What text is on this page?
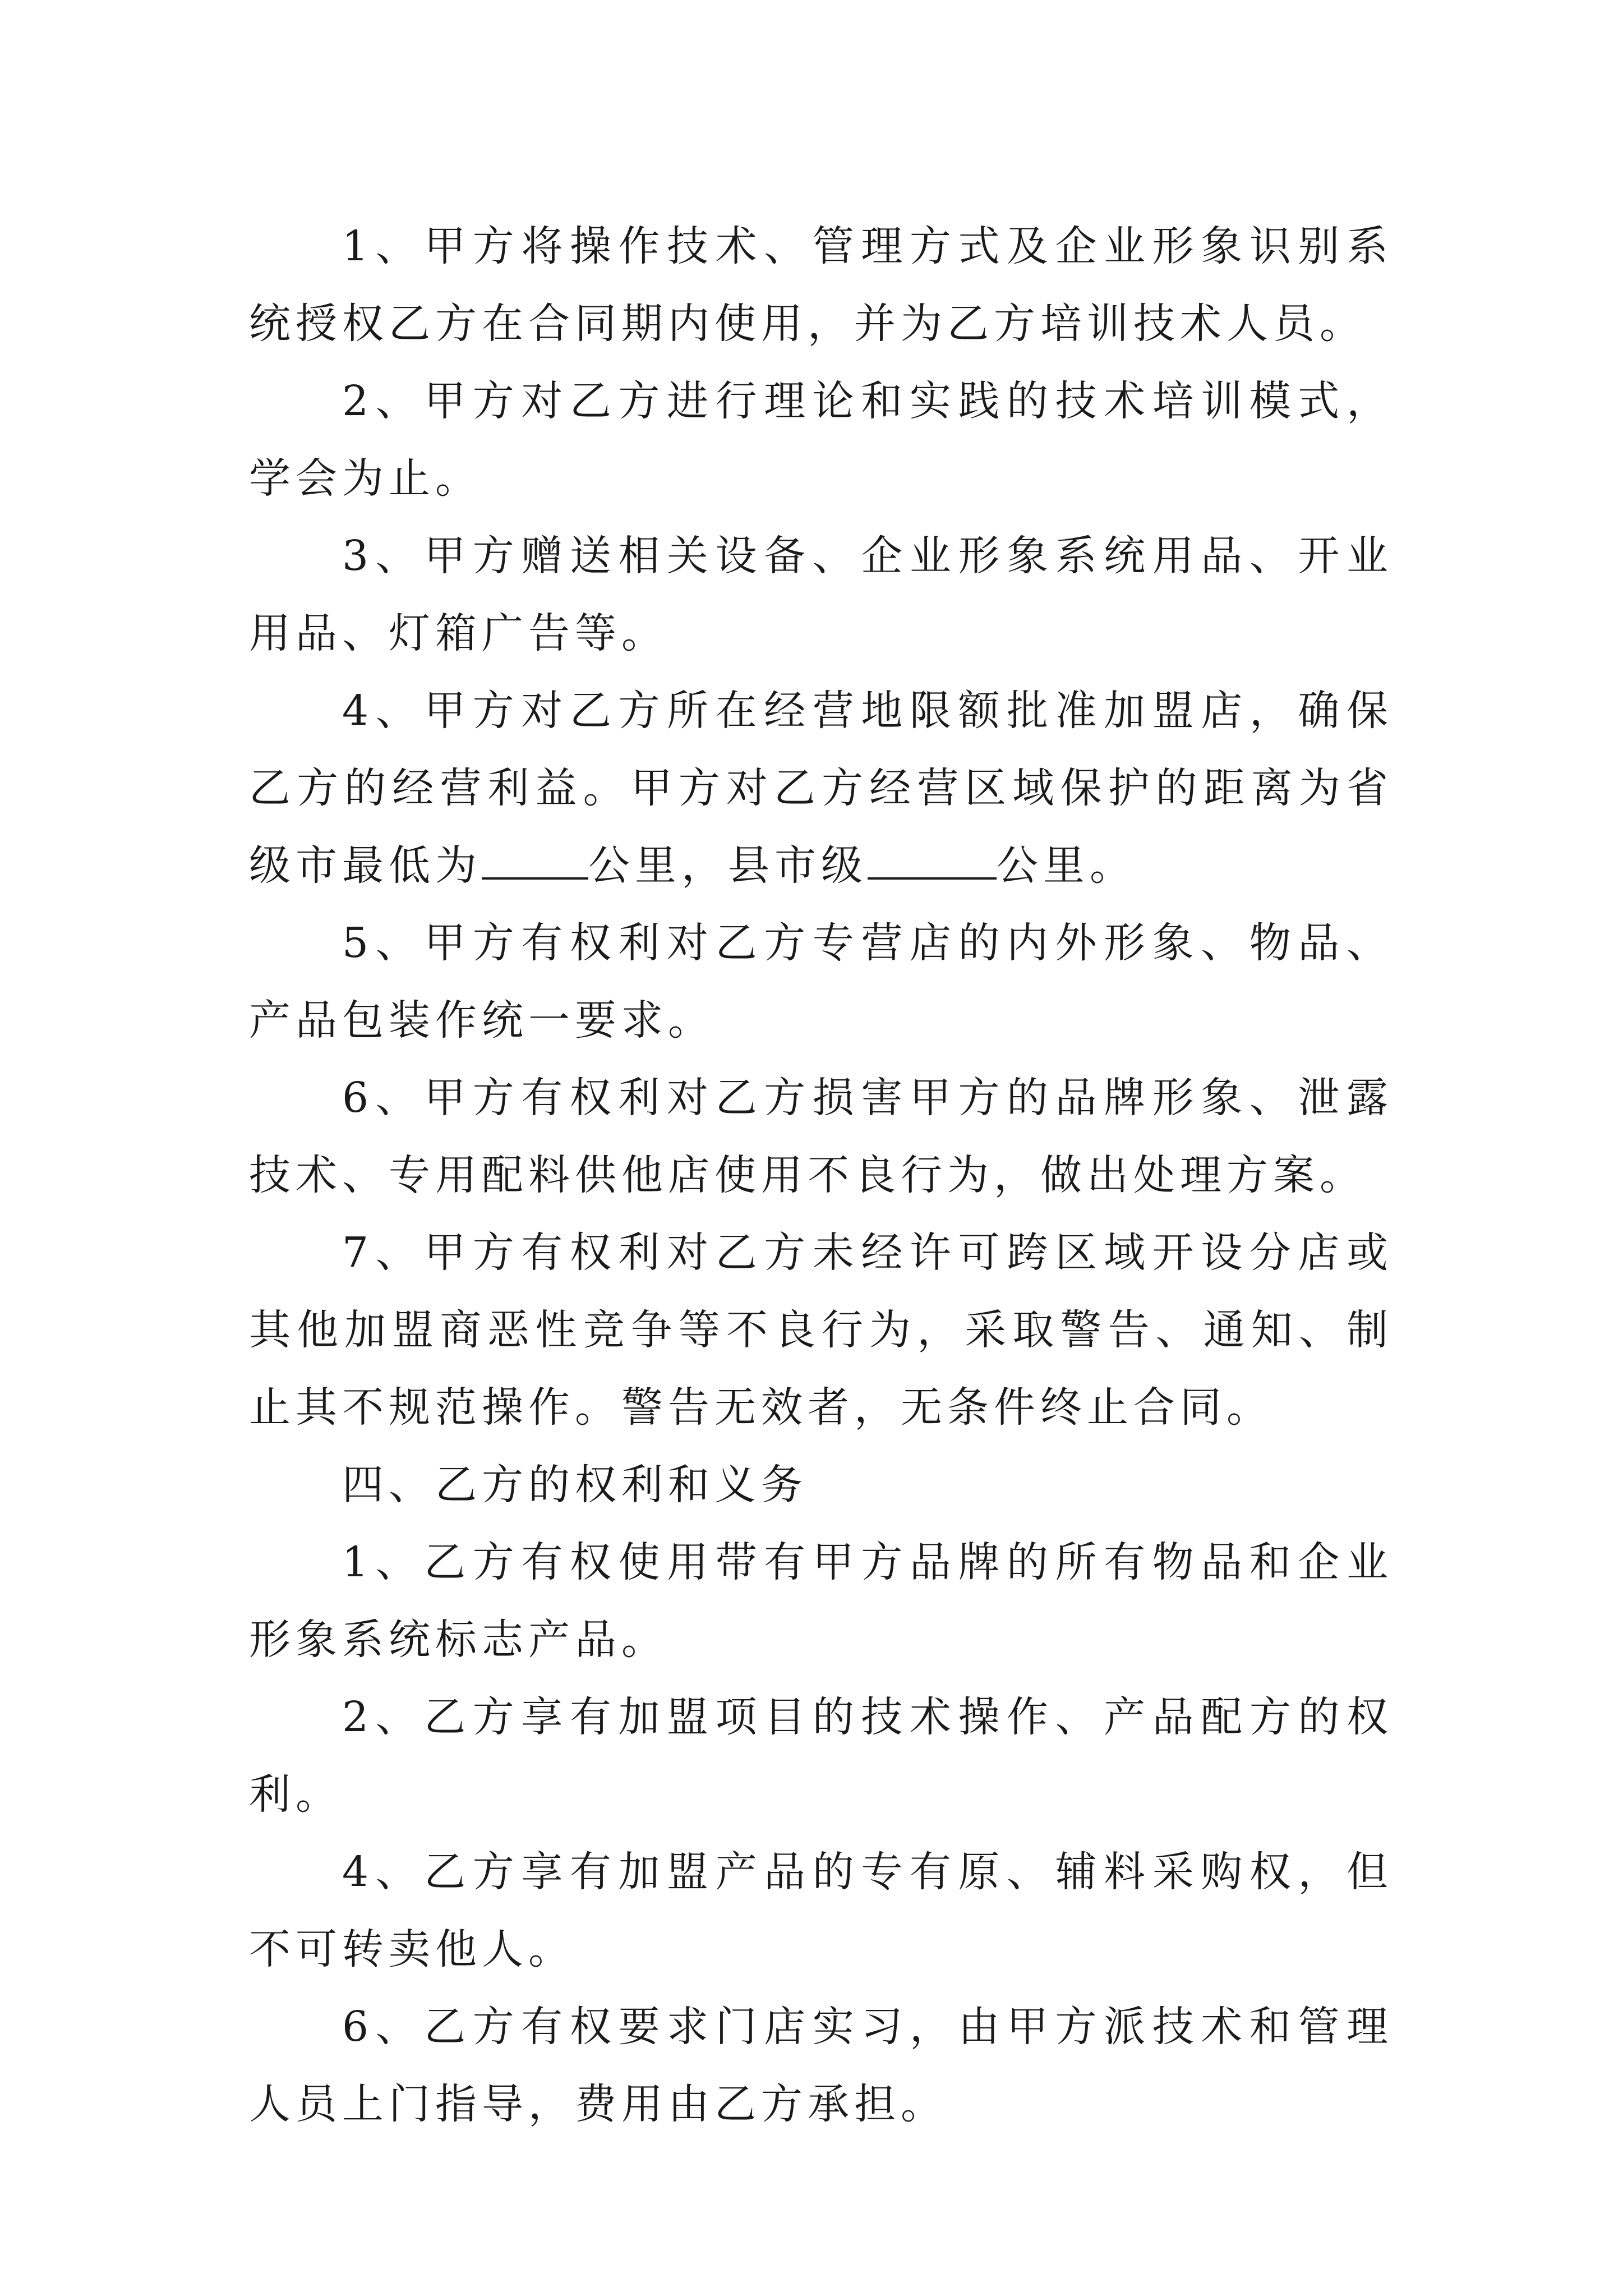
1、甲方将操作技术、管理方式及企业形象识别系统授权乙方在合同期内使用，并为乙方培训技术人员。

2、甲方对乙方进行理论和实践的技术培训模式，学会为止。

3、甲方赠送相关设备、企业形象系统用品、开业用品、灯箱广告等。

4、甲方对乙方所在经营地限额批准加盟店，确保乙方的经营利益。甲方对乙方经营区域保护的距离为省级市最低为	公里，县市级	公里。

5、甲方有权利对乙方专营店的内外形象、物品、产品包装作统一要求。

6、甲方有权利对乙方损害甲方的品牌形象、泄露技术、专用配料供他店使用不良行为，做出处理方案。

7、甲方有权利对乙方未经许可跨区域开设分店或其他加盟商恶性竞争等不良行为，采取警告、通知、制止其不规范操作。警告无效者，无条件终止合同。

四、乙方的权利和义务

1、乙方有权使用带有甲方品牌的所有物品和企业形象系统标志产品。

2、乙方享有加盟项目的技术操作、产品配方的权利。

4、乙方享有加盟产品的专有原、辅料采购权，但不可转卖他人。

6、乙方有权要求门店实习，由甲方派技术和管理人员上门指导，费用由乙方承担。
